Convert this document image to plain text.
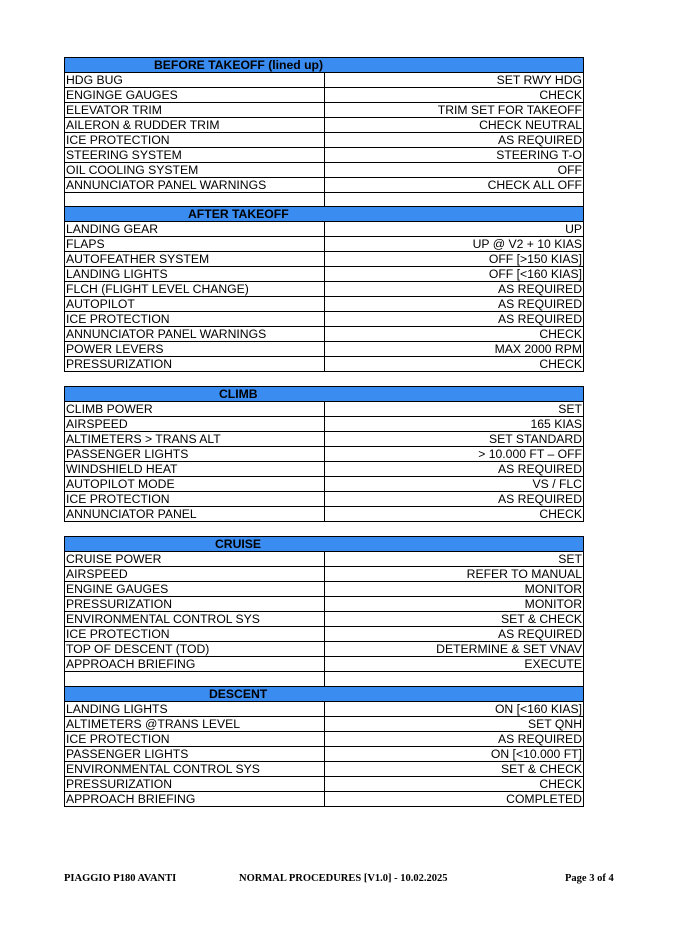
BEFORE TAKEOFF (lined up)	
HDG BUG	SET RWY HDG
ENGINGE GAUGES	CHECK
ELEVATOR TRIM	TRIM SET FOR TAKEOFF
AILERON & RUDDER TRIM	CHECK NEUTRAL
ICE PROTECTION	AS REQUIRED
STEERING SYSTEM	STEERING T-O
OIL COOLING SYSTEM	OFF
ANNUNCIATOR PANEL WARNINGS	CHECK ALL OFF

AFTER TAKEOFF	
LANDING GEAR	UP
FLAPS	UP @ V2 + 10 KIAS
AUTOFEATHER SYSTEM	OFF [>150 KIAS]
LANDING LIGHTS	OFF [<160 KIAS]
FLCH (FLIGHT LEVEL CHANGE)	AS REQUIRED
AUTOPILOT	AS REQUIRED
ICE PROTECTION	AS REQUIRED
ANNUNCIATOR PANEL WARNINGS	CHECK
POWER LEVERS	MAX 2000 RPM
PRESSURIZATION	CHECK
CLIMB	
CLIMB POWER	SET
AIRSPEED	165 KIAS
ALTIMETERS > TRANS ALT	SET STANDARD
PASSENGER LIGHTS	> 10.000 FT – OFF
WINDSHIELD HEAT	AS REQUIRED
AUTOPILOT MODE	VS / FLC
ICE PROTECTION	AS REQUIRED
ANNUNCIATOR PANEL	CHECK
CRUISE	
CRUISE POWER	SET
AIRSPEED	REFER TO MANUAL
ENGINE GAUGES	MONITOR
PRESSURIZATION	MONITOR
ENVIRONMENTAL CONTROL SYS	SET & CHECK
ICE PROTECTION	AS REQUIRED
TOP OF DESCENT (TOD)	DETERMINE & SET VNAV
APPROACH BRIEFING	EXECUTE

DESCENT	
LANDING LIGHTS	ON [<160 KIAS]
ALTIMETERS @TRANS LEVEL	SET QNH
ICE PROTECTION	AS REQUIRED
PASSENGER LIGHTS	ON [<10.000 FT]
ENVIRONMENTAL CONTROL SYS	SET & CHECK
PRESSURIZATION	CHECK
APPROACH BRIEFING	COMPLETED
PIAGGIO P180 AVANTI	NORMAL PROCEDURES [V1.0] - 10.02.2025	Page 3 of 4
